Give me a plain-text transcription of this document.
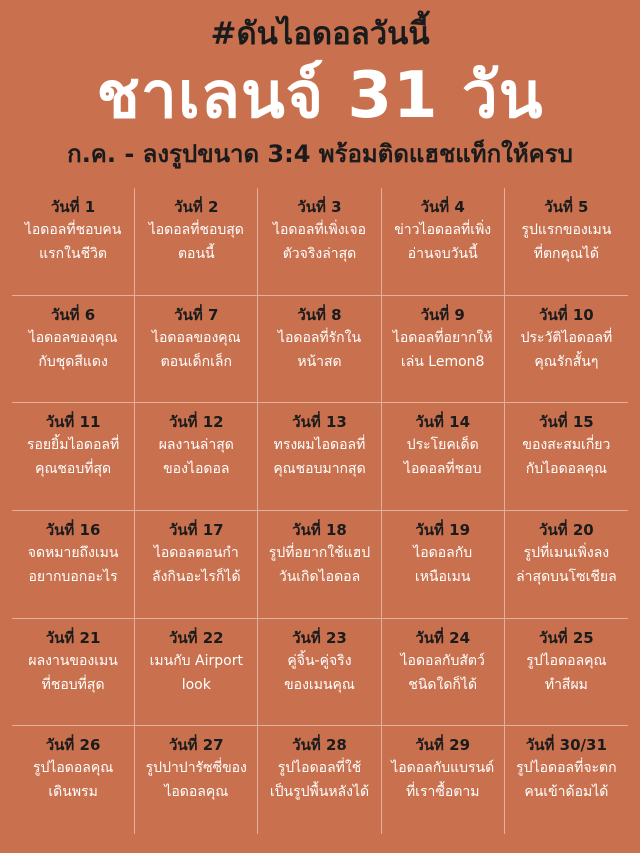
#ดันไอดอลวันนี้
ชาเลนจ์ 31 วัน
ก.ค. - ลงรูปขนาด 3:4 พร้อมติดแฮชแท็กให้ครบ
วันที่ 1
ไอดอลที่ชอบคน
แรกในชีวิต
วันที่ 2
ไอดอลที่ชอบสุด
ตอนนี้
วันที่ 3
ไอดอลที่เพิ่งเจอ
ตัวจริงล่าสุด
วันที่ 4
ข่าวไอดอลที่เพิ่ง
อ่านจบวันนี้
วันที่ 5
รูปแรกของเมน
ที่ตกคุณได้
วันที่ 6
ไอดอลของคุณ
กับชุดสีแดง
วันที่ 7
ไอดอลของคุณ
ตอนเด็กเล็ก
วันที่ 8
ไอดอลที่รักใน
หน้าสด
วันที่ 9
ไอดอลที่อยากให้
เล่น Lemon8
วันที่ 10
ประวัติไอดอลที่
คุณรักสั้นๆ
วันที่ 11
รอยยิ้มไอดอลที่
คุณชอบที่สุด
วันที่ 12
ผลงานล่าสุด
ของไอดอล
วันที่ 13
ทรงผมไอดอลที่
คุณชอบมากสุด
วันที่ 14
ประโยคเด็ด
ไอดอลที่ชอบ
วันที่ 15
ของสะสมเกี่ยว
กับไอดอลคุณ
วันที่ 16
จดหมายถึงเมน
อยากบอกอะไร
วันที่ 17
ไอดอลตอนกำ
ลังกินอะไรก็ได้
วันที่ 18
รูปที่อยากใช้แฮป
วันเกิดไอดอล
วันที่ 19
ไอดอลกับ
เหนือเมน
วันที่ 20
รูปที่เมนเพิ่งลง
ล่าสุดบนโซเชียล
วันที่ 21
ผลงานของเมน
ที่ชอบที่สุด
วันที่ 22
เมนกับ Airport
look
วันที่ 23
คู่จิ้น-คู่จริง
ของเมนคุณ
วันที่ 24
ไอดอลกับสัตว์
ชนิดใดก็ได้
วันที่ 25
รูปไอดอลคุณ
ทำสีผม
วันที่ 26
รูปไอดอลคุณ
เดินพรม
วันที่ 27
รูปปาปารัซซี่ของ
ไอดอลคุณ
วันที่ 28
รูปไอดอลที่ใช้
เป็นรูปพื้นหลังได้
วันที่ 29
ไอดอลกับแบรนด์
ที่เราซื้อตาม
วันที่ 30/31
รูปไอดอลที่จะตก
คนเข้าด้อมได้
